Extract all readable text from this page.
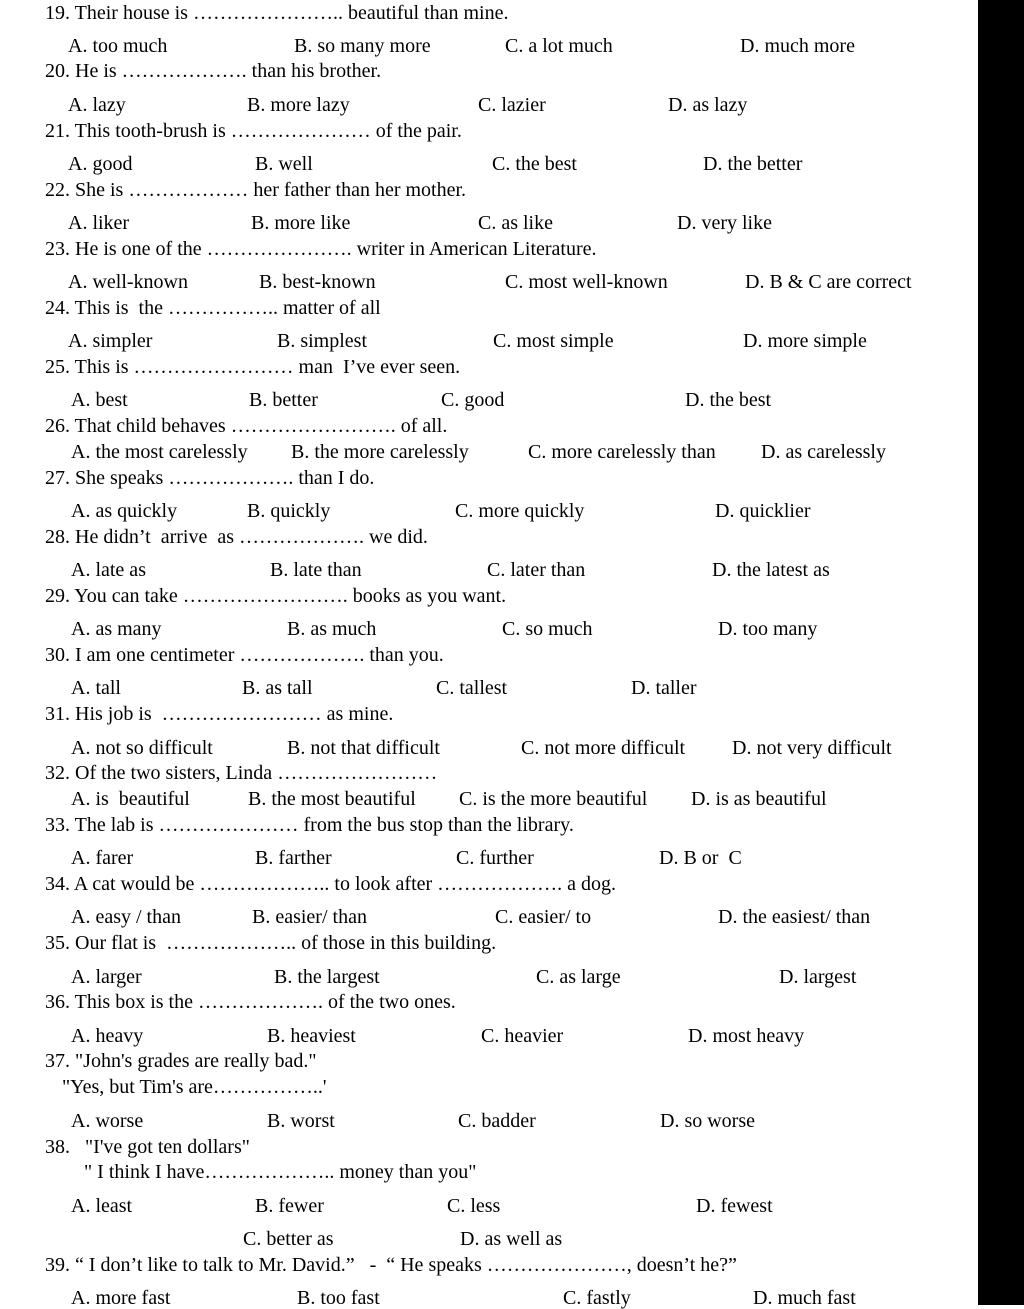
19. Their house is ………………….. beautiful than mine.
A. too much	B. so many more	C. a lot much	D. much more
20. He is ………………. than his brother.
A. lazy	B. more lazy	C. lazier	D. as lazy
21. This tooth-brush is ………………… of the pair.
A. good	B. well	C. the best	D. the better
22. She is ……………… her father than her mother.
A. liker	B. more like	C. as like	D. very like
23. He is one of the …………………. writer in American Literature.
A. well-known	B. best-known	C. most well-known	D. B & C are correct
24. This is  the …………….. matter of all
A. simpler	B. simplest	C. most simple	D. more simple
25. This is …………………… man  I’ve ever seen.
A. best	B. better	C. good	D. the best
26. That child behaves ……………………. of all.
A. the most carelessly B. the more carelessly	C. more carelessly than D. as carelessly
27. She speaks ………………. than I do.
A. as quickly	B. quickly	C. more quickly	D. quicklier
28. He didn’t  arrive  as ………………. we did.
A. late as	B. late than	C. later than	D. the latest as
29. You can take ……………………. books as you want.
A. as many	B. as much	C. so much	D. too many
30. I am one centimeter ………………. than you.
A. tall	B. as tall	C. tallest	D. taller
31. His job is  …………………… as mine.
A. not so difficult	B. not that difficult	C. not more difficult D. not very difficult
32. Of the two sisters, Linda ……………………
A. is  beautiful	B. the most beautiful C. is the more beautiful D. is as beautiful
33. The lab is ………………… from the bus stop than the library.
A. farer	B. farther	C. further	D. B or  C
34. A cat would be ……………….. to look after ………………. a dog.
A. easy / than	B. easier/ than	C. easier/ to	D. the easiest/ than
35. Our flat is  ……………….. of those in this building.
A. larger	B. the largest	C. as large	D. largest
36. This box is the ………………. of the two ones.
A. heavy	B. heaviest	C. heavier	D. most heavy
37. "John's grades are really bad."
"Yes, but Tim's are……………..'
A. worse	B. worst	C. badder	D. so worse
38.   "I've got ten dollars"
" I think I have……………….. money than you"
A. least	B. fewer	C. less	D. fewest
C. better as	D. as well as
39. “ I don’t like to talk to Mr. David.”   -  “ He speaks …………………, doesn’t he?”
A. more fast	B. too fast	C. fastly	D. much fast
